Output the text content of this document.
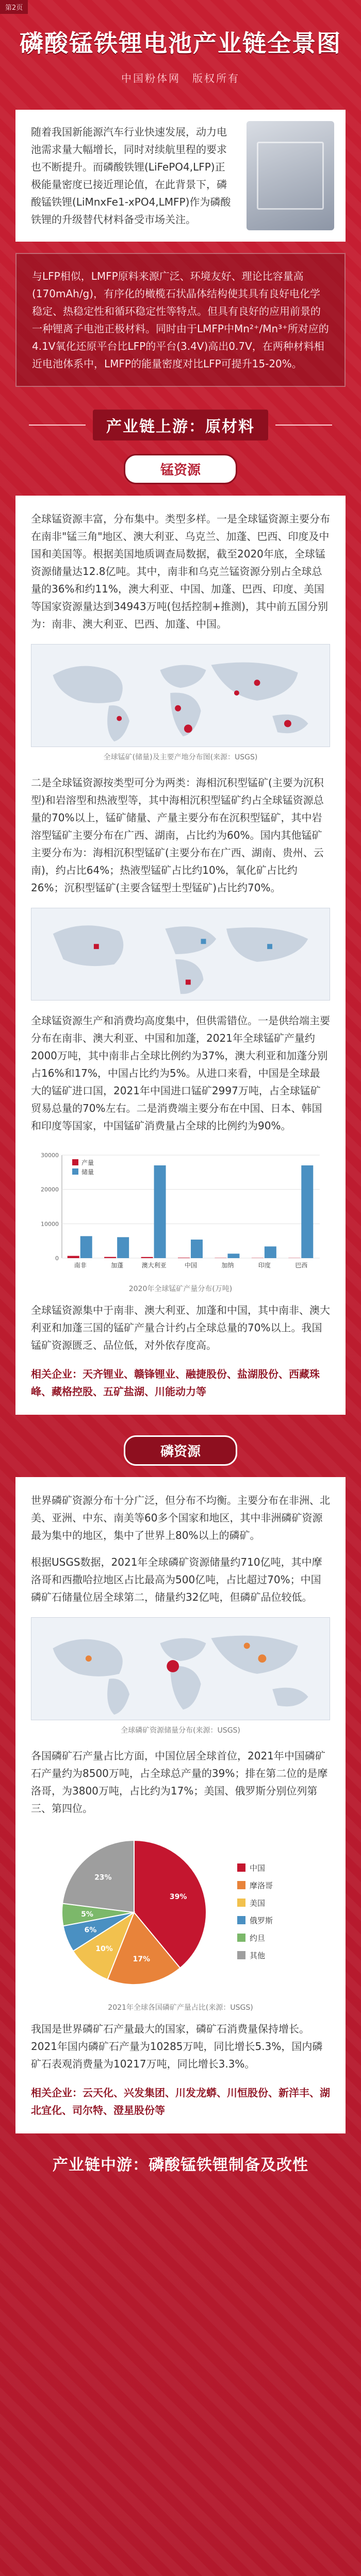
第2页
磷酸锰铁锂电池产业链全景图
中国粉体网　版权所有
随着我国新能源汽车行业快速发展，动力电池需求量大幅增长，同时对续航里程的要求也不断提升。而磷酸铁锂(LiFePO4,LFP)正极能量密度已接近理论值，在此背景下，磷酸锰铁锂(LiMnxFe1-xPO4,LMFP)作为磷酸铁锂的升级替代材料备受市场关注。
与LFP相似，LMFP原料来源广泛、环境友好、理论比容量高(170mAh/g)，有序化的橄榄石状晶体结构使其具有良好电化学稳定、热稳定性和循环稳定性等特点。但具有良好的应用前景的一种锂离子电池正极材料。同时由于LMFP中Mn²⁺/Mn³⁺所对应的4.1V氧化还原平台比LFP的平台(3.4V)高出0.7V，在两种材料相近电池体系中，LMFP的能量密度对比LFP可提升15-20%。
产业链上游：原材料
锰资源

全球锰资源丰富，分布集中。类型多样。一是全球锰资源主要分布在南非"锰三角"地区、澳大利亚、乌克兰、加蓬、巴西、印度及中国和美国等。根据美国地质调查局数据，截至2020年底，全球锰资源储量达12.8亿吨。其中，南非和乌克兰锰资源分别占全球总量的36%和约11%，澳大利亚、中国、加蓬、巴西、印度、美国等国家资源量达到34943万吨(包括控制+推测)，其中前五国分别为：南非、澳大利亚、巴西、加蓬、中国。

全球锰矿(储量)及主要产地分布图(来源：USGS)

二是全球锰资源按类型可分为两类：海相沉积型锰矿(主要为沉积型)和岩溶型和热液型等，其中海相沉积型锰矿约占全球锰资源总量的70%以上，锰矿储量、产量主要分布在沉积型锰矿，其中岩溶型锰矿主要分布在广西、湖南，占比约为60%。国内其他锰矿主要分布为：海相沉积型锰矿(主要分布在广西、湖南、贵州、云南)，约占比64%；热液型锰矿占比约10%，氧化矿占比约26%；沉积型锰矿(主要含锰型土型锰矿)占比约70%。

全球锰资源生产和消费均高度集中，但供需错位。一是供给端主要分布在南非、澳大利亚、中国和加蓬，2021年全球锰矿产量约2000万吨，其中南非占全球比例约为37%，澳大利亚和加蓬分别占16%和17%，中国占比约为5%。从进口来看，中国是全球最大的锰矿进口国，2021年中国进口锰矿2997万吨，占全球锰矿贸易总量的70%左右。二是消费端主要分布在中国、日本、韩国和印度等国家，中国锰矿消费量占全球的比例约为90%。

0
10000
20000
30000
南非	加蓬	澳大利亚	中国	加纳	印度	巴西
产量
储量

2020年全球锰矿产量分布(万吨)

全球锰资源集中于南非、澳大利亚、加蓬和中国，其中南非、澳大利亚和加蓬三国的锰矿产量合计约占全球总量的70%以上。我国锰矿资源匮乏、品位低，对外依存度高。

相关企业：天齐锂业、赣锋锂业、融捷股份、盐湖股份、西藏珠峰、藏格控股、五矿盐湖、川能动力等

磷资源

世界磷矿资源分布十分广泛，但分布不均衡。主要分布在非洲、北美、亚洲、中东、南美等60多个国家和地区，其中非洲磷矿资源最为集中的地区，集中了世界上80%以上的磷矿。

根据USGS数据，2021年全球磷矿资源储量约710亿吨，其中摩洛哥和西撒哈拉地区占比最高为500亿吨，占比超过70%；中国磷矿石储量位居全球第二，储量约32亿吨，但磷矿品位较低。

全球磷矿资源储量分布(来源：USGS)

各国磷矿石产量占比方面，中国位居全球首位，2021年中国磷矿石产量约为8500万吨，占全球总产量的39%；排在第二位的是摩洛哥，为3800万吨，占比约为17%；美国、俄罗斯分别位列第三、第四位。

39%
17%
10%
6%
5%
23%
中国
摩洛哥
美国
俄罗斯
约旦
其他

2021年全球各国磷矿产量占比(来源：USGS)

我国是世界磷矿石产量最大的国家，磷矿石消费量保持增长。2021年国内磷矿石产量为10285万吨，同比增长5.3%，国内磷矿石表观消费量为10217万吨，同比增长3.3%。

相关企业：云天化、兴发集团、川发龙蟒、川恒股份、新洋丰、湖北宜化、司尔特、澄星股份等

产业链中游：磷酸锰铁锂制备及改性
